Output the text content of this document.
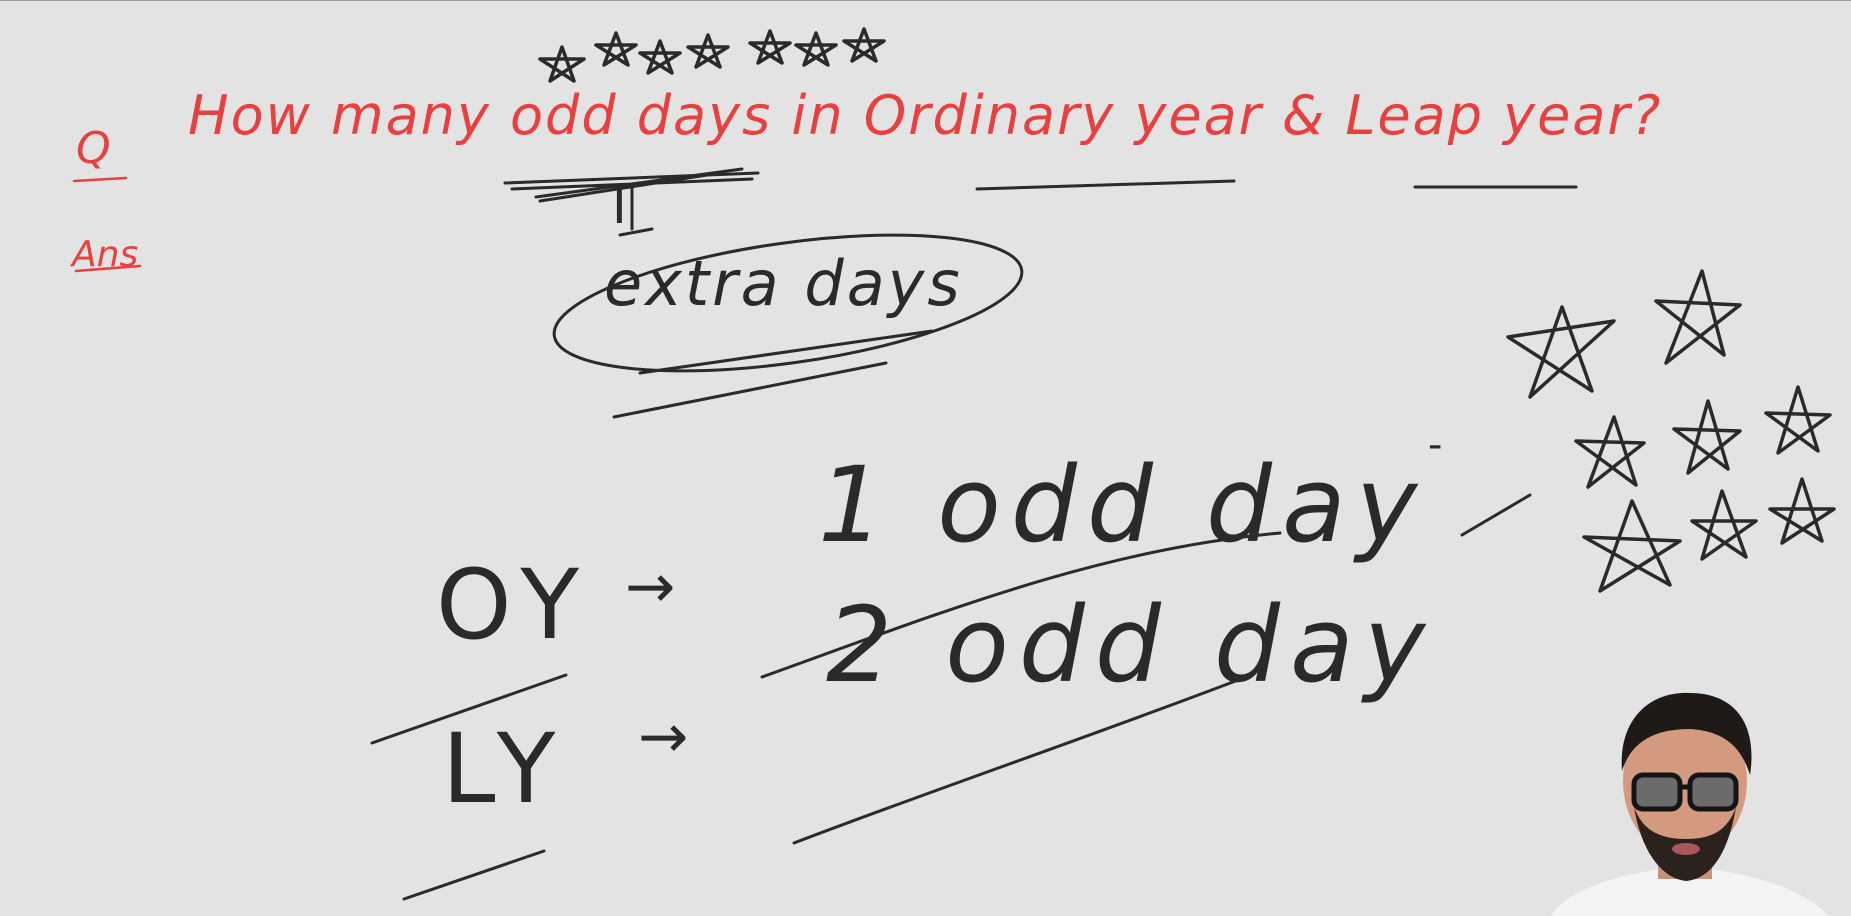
Q
How many odd days in Ordinary year & Leap year?
Ans
I
extra days
OY →
1 odd day
LY →
2 odd day
-
